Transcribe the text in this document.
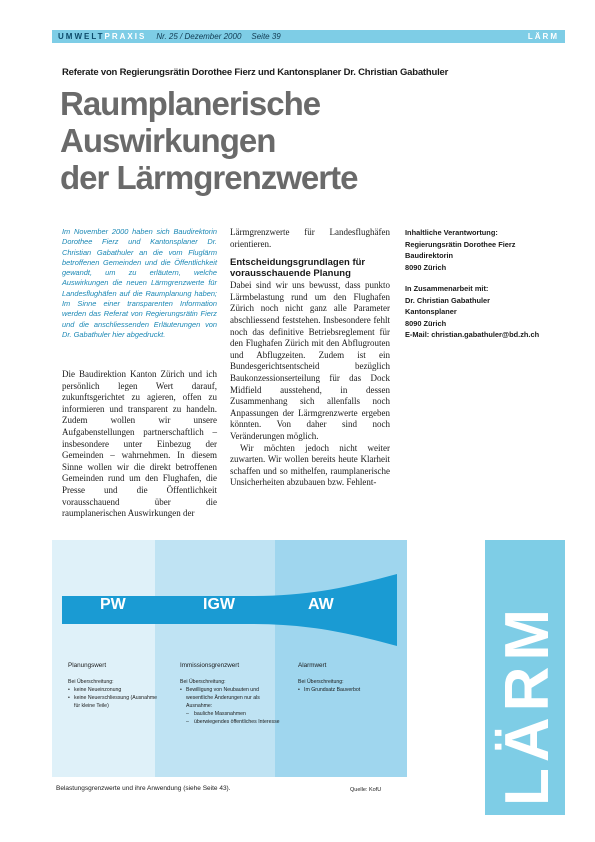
UMWELT PRAXIS Nr. 25 / Dezember 2000 Seite 39	LÄRM
Referate von Regierungsrätin Dorothee Fierz und Kantonsplaner Dr. Christian Gabathuler
Raumplanerische
Auswirkungen
der Lärmgrenzwerte
Im November 2000 haben sich Baudirektorin Dorothee Fierz und Kantonsplaner Dr. Christian Gabathuler an die vom Fluglärm betroffenen Gemeinden und die Öffentlichkeit gewandt, um zu erläutern, welche Auswirkungen die neuen Lärmgrenzwerte für Landesflughäfen auf die Raumplanung haben; Im Sinne einer transparenten Information werden das Referat von Regierungsrätin Fierz und die anschliessenden Erläuterungen von Dr. Gabathuler hier abgedruckt.
Die Baudirektion Kanton Zürich und ich persönlich legen Wert darauf, zukunftsgerichtet zu agieren, offen zu informieren und transparent zu handeln. Zudem wollen wir unsere Aufgabenstellungen partnerschaftlich – insbesondere unter Einbezug der Gemeinden – wahrnehmen. In diesem Sinne wollen wir die direkt betroffenen Gemeinden rund um den Flughafen, die Presse und die Öffentlichkeit vorausschauend über die raumplanerischen Auswirkungen der

Lärmgrenzwerte für Landesflughäfen orientieren.

Entscheidungsgrundlagen für vorausschauende Planung

Dabei sind wir uns bewusst, dass punkto Lärmbelastung rund um den Flughafen Zürich noch nicht ganz alle Parameter abschliessend feststehen. Insbesondere fehlt noch das definitive Betriebsreglement für den Flughafen Zürich mit den Abflugrouten und Abflugzeiten. Zudem ist ein Bundesgerichtsentscheid bezüglich Baukonzessionserteilung für das Dock Midfield ausstehend, in dessen Zusammenhang sich allenfalls noch Anpassungen der Lärmgrenzwerte ergeben könnten. Von daher sind noch Veränderungen möglich.

Wir möchten jedoch nicht weiter zuwarten. Wir wollen bereits heute Klarheit schaffen und so mithelfen, raumplanerische Unsicherheiten abzubauen bzw. Fehlent-

Inhaltliche Verantwortung:
Regierungsrätin Dorothee Fierz
Baudirektorin
8090 Zürich
In Zusammenarbeit mit:
Dr. Christian Gabathuler
Kantonsplaner
8090 Zürich
E-Mail: christian.gabathuler@bd.zh.ch
PW	IGW	AW
Planungswert	Immissionsgrenzwert	Alarmwert
Bei Überschreitung:
• keine Neueinzonung
• keine Neuerschliessung (Ausnahme für kleine Teile)
Bei Überschreitung:
• Bewilligung von Neubauten und wesentliche Änderungen nur als Ausnahme:
– bauliche Massnahmen
– überwiegendes öffentliches Interesse
Bei Überschreitung:
• Im Grundsatz Bauverbot
Belastungsgrenzwerte und ihre Anwendung (siehe Seite 43).	Quelle: KofU LÄRM
